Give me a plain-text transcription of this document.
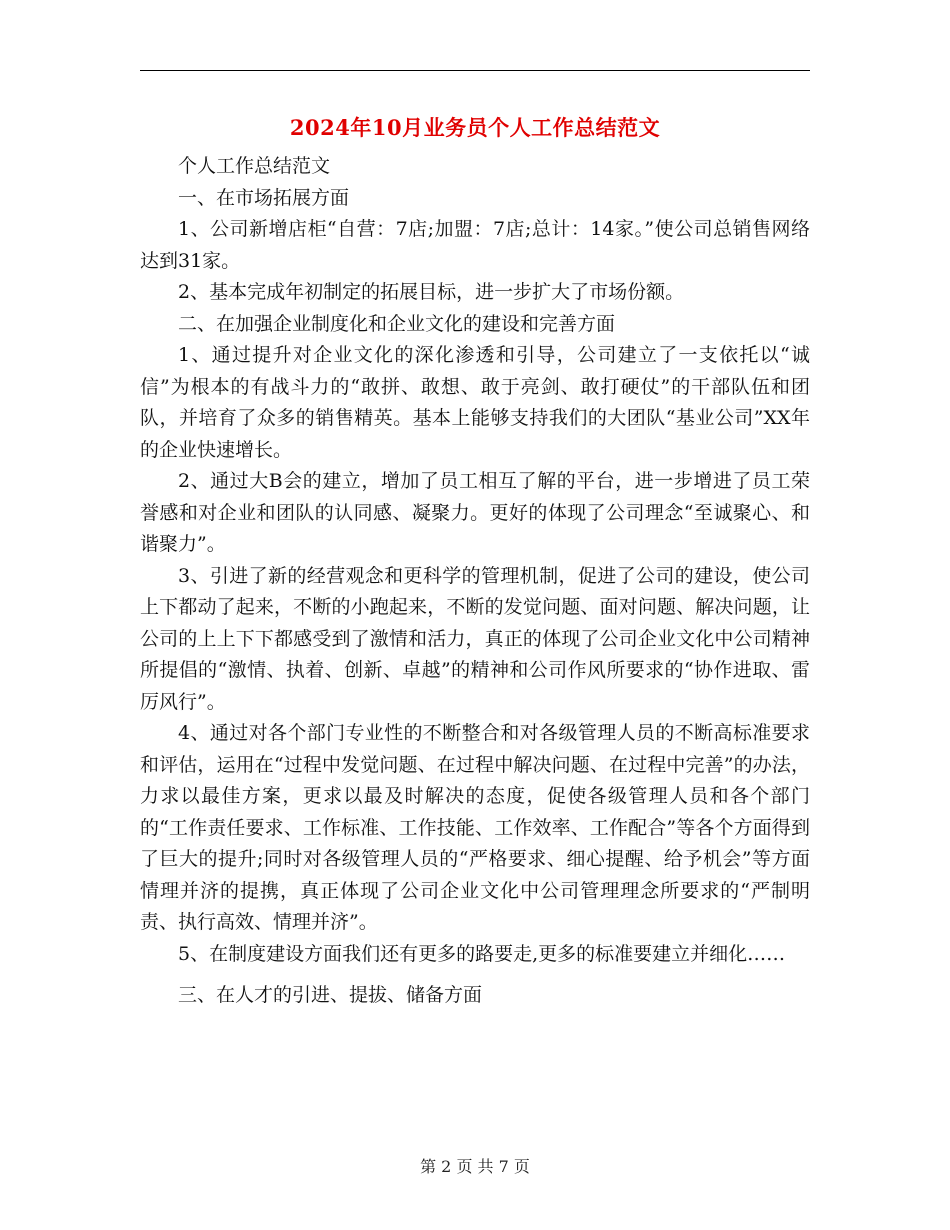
2024年10月业务员个人工作总结范文

个人工作总结范文

一、在市场拓展方面

1、公司新增店柜“自营：7店;加盟：7店;总计：14家。”使公司总销售网络达到31家。

2、基本完成年初制定的拓展目标，进一步扩大了市场份额。

二、在加强企业制度化和企业文化的建设和完善方面

1、通过提升对企业文化的深化渗透和引导，公司建立了一支依托以“诚信”为根本的有战斗力的“敢拼、敢想、敢于亮剑、敢打硬仗”的干部队伍和团队，并培育了众多的销售精英。基本上能够支持我们的大团队“基业公司”XX年的企业快速增长。

2、通过大B会的建立，增加了员工相互了解的平台，进一步增进了员工荣誉感和对企业和团队的认同感、凝聚力。更好的体现了公司理念“至诚聚心、和谐聚力”。

3、引进了新的经营观念和更科学的管理机制，促进了公司的建设，使公司上下都动了起来，不断的小跑起来，不断的发觉问题、面对问题、解决问题，让公司的上上下下都感受到了激情和活力，真正的体现了公司企业文化中公司精神所提倡的“激情、执着、创新、卓越”的精神和公司作风所要求的“协作进取、雷厉风行”。

4、通过对各个部门专业性的不断整合和对各级管理人员的不断高标准要求和评估，运用在“过程中发觉问题、在过程中解决问题、在过程中完善”的办法，力求以最佳方案，更求以最及时解决的态度，促使各级管理人员和各个部门的“工作责任要求、工作标准、工作技能、工作效率、工作配合”等各个方面得到了巨大的提升;同时对各级管理人员的“严格要求、细心提醒、给予机会”等方面情理并济的提携，真正体现了公司企业文化中公司管理理念所要求的“严制明责、执行高效、情理并济”。

5、在制度建设方面我们还有更多的路要走,更多的标准要建立并细化……

三、在人才的引进、提拔、储备方面

第 2 页 共 7 页
